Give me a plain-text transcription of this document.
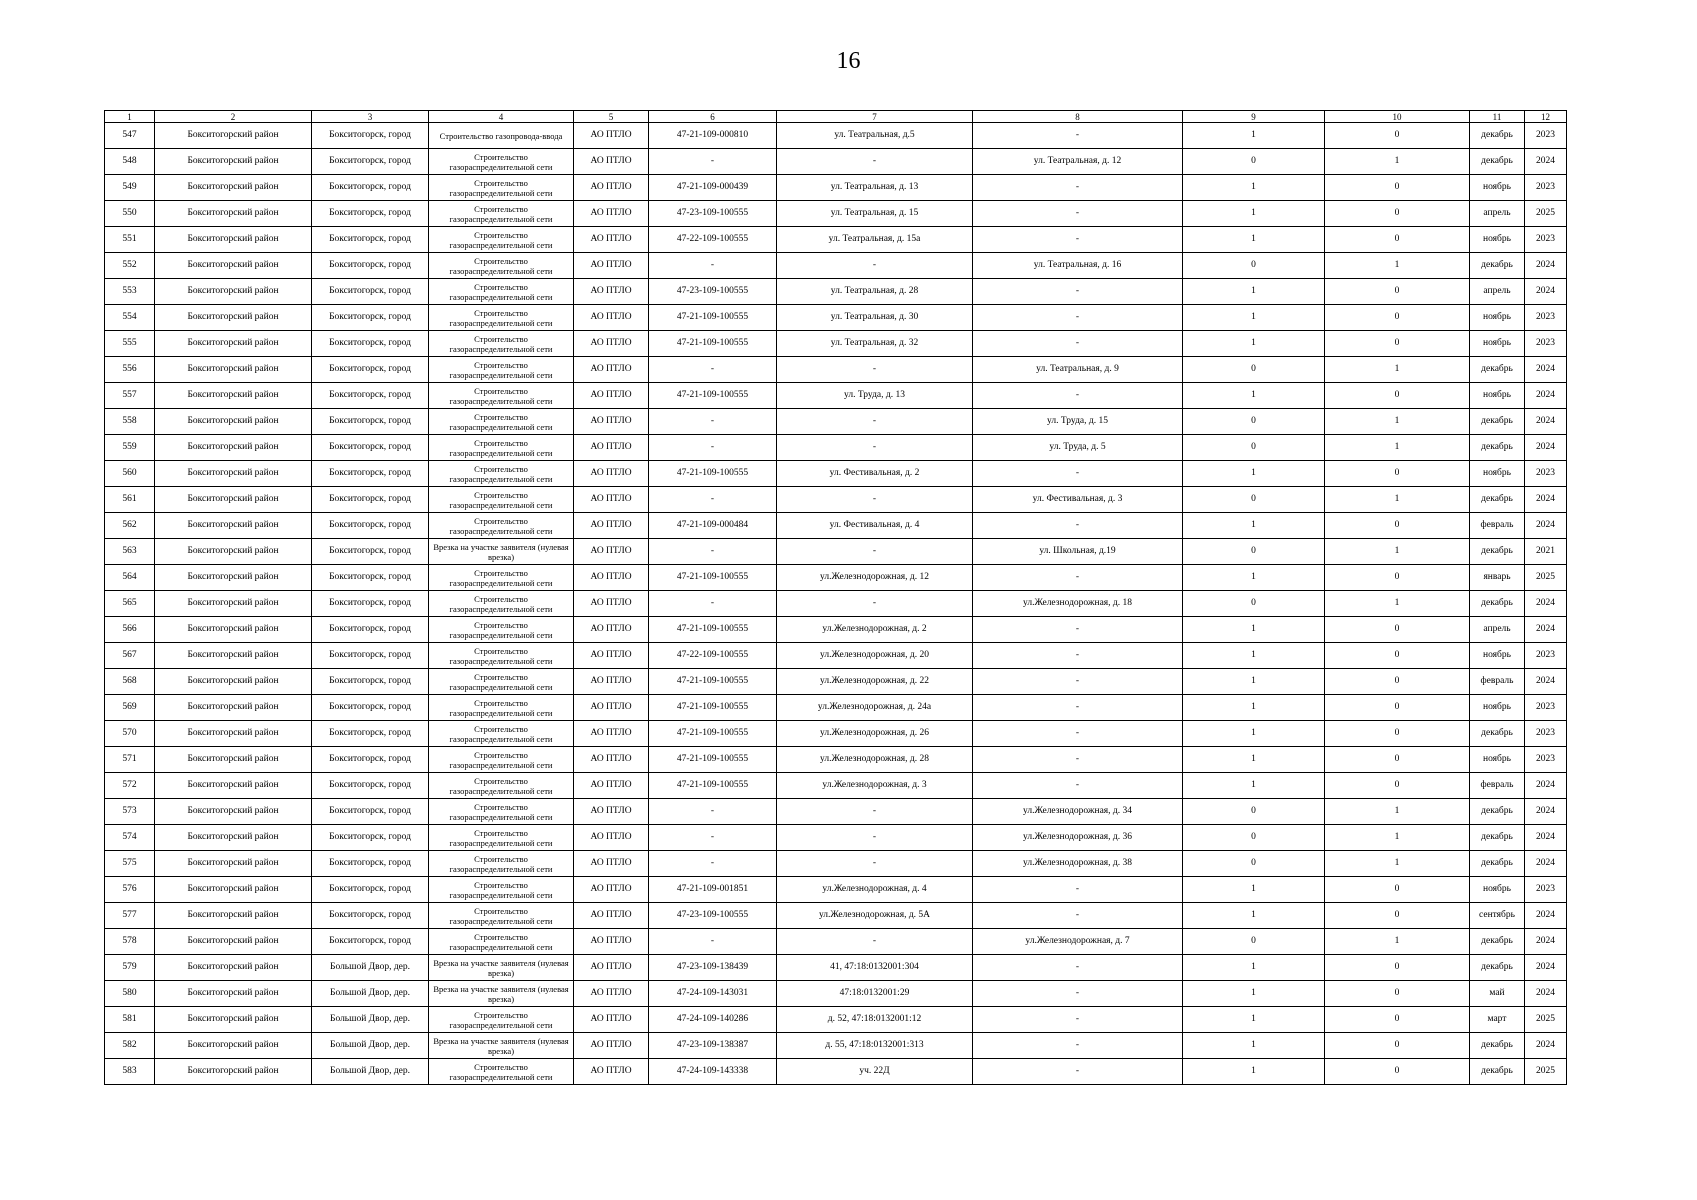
16
1	2	3	4	5	6	7	8	9	10	11	12
547	Бокситогорский район	Бокситогорск, город	Строительство газопровода-ввода	АО ПТЛО	47-21-109-000810	ул. Театральная, д.5	-	1	0	декабрь	2023
548	Бокситогорский район	Бокситогорск, город	Строительство газораспределительной сети	АО ПТЛО	-	-	ул. Театральная, д. 12	0	1	декабрь	2024
549	Бокситогорский район	Бокситогорск, город	Строительство газораспределительной сети	АО ПТЛО	47-21-109-000439	ул. Театральная, д. 13	-	1	0	ноябрь	2023
550	Бокситогорский район	Бокситогорск, город	Строительство газораспределительной сети	АО ПТЛО	47-23-109-100555	ул. Театральная, д. 15	-	1	0	апрель	2025
551	Бокситогорский район	Бокситогорск, город	Строительство газораспределительной сети	АО ПТЛО	47-22-109-100555	ул. Театральная, д. 15а	-	1	0	ноябрь	2023
552	Бокситогорский район	Бокситогорск, город	Строительство газораспределительной сети	АО ПТЛО	-	-	ул. Театральная, д. 16	0	1	декабрь	2024
553	Бокситогорский район	Бокситогорск, город	Строительство газораспределительной сети	АО ПТЛО	47-23-109-100555	ул. Театральная, д. 28	-	1	0	апрель	2024
554	Бокситогорский район	Бокситогорск, город	Строительство газораспределительной сети	АО ПТЛО	47-21-109-100555	ул. Театральная, д. 30	-	1	0	ноябрь	2023
555	Бокситогорский район	Бокситогорск, город	Строительство газораспределительной сети	АО ПТЛО	47-21-109-100555	ул. Театральная, д. 32	-	1	0	ноябрь	2023
556	Бокситогорский район	Бокситогорск, город	Строительство газораспределительной сети	АО ПТЛО	-	-	ул. Театральная, д. 9	0	1	декабрь	2024
557	Бокситогорский район	Бокситогорск, город	Строительство газораспределительной сети	АО ПТЛО	47-21-109-100555	ул. Труда, д. 13	-	1	0	ноябрь	2024
558	Бокситогорский район	Бокситогорск, город	Строительство газораспределительной сети	АО ПТЛО	-	-	ул. Труда, д. 15	0	1	декабрь	2024
559	Бокситогорский район	Бокситогорск, город	Строительство газораспределительной сети	АО ПТЛО	-	-	ул. Труда, д. 5	0	1	декабрь	2024
560	Бокситогорский район	Бокситогорск, город	Строительство газораспределительной сети	АО ПТЛО	47-21-109-100555	ул. Фестивальная, д. 2	-	1	0	ноябрь	2023
561	Бокситогорский район	Бокситогорск, город	Строительство газораспределительной сети	АО ПТЛО	-	-	ул. Фестивальная, д. 3	0	1	декабрь	2024
562	Бокситогорский район	Бокситогорск, город	Строительство газораспределительной сети	АО ПТЛО	47-21-109-000484	ул. Фестивальная, д. 4	-	1	0	февраль	2024
563	Бокситогорский район	Бокситогорск, город	Врезка на участке заявителя (нулевая врезка)	АО ПТЛО	-	-	ул. Школьная, д.19	0	1	декабрь	2021
564	Бокситогорский район	Бокситогорск, город	Строительство газораспределительной сети	АО ПТЛО	47-21-109-100555	ул.Железнодорожная, д. 12	-	1	0	январь	2025
565	Бокситогорский район	Бокситогорск, город	Строительство газораспределительной сети	АО ПТЛО	-	-	ул.Железнодорожная, д. 18	0	1	декабрь	2024
566	Бокситогорский район	Бокситогорск, город	Строительство газораспределительной сети	АО ПТЛО	47-21-109-100555	ул.Железнодорожная, д. 2	-	1	0	апрель	2024
567	Бокситогорский район	Бокситогорск, город	Строительство газораспределительной сети	АО ПТЛО	47-22-109-100555	ул.Железнодорожная, д. 20	-	1	0	ноябрь	2023
568	Бокситогорский район	Бокситогорск, город	Строительство газораспределительной сети	АО ПТЛО	47-21-109-100555	ул.Железнодорожная, д. 22	-	1	0	февраль	2024
569	Бокситогорский район	Бокситогорск, город	Строительство газораспределительной сети	АО ПТЛО	47-21-109-100555	ул.Железнодорожная, д. 24а	-	1	0	ноябрь	2023
570	Бокситогорский район	Бокситогорск, город	Строительство газораспределительной сети	АО ПТЛО	47-21-109-100555	ул.Железнодорожная, д. 26	-	1	0	декабрь	2023
571	Бокситогорский район	Бокситогорск, город	Строительство газораспределительной сети	АО ПТЛО	47-21-109-100555	ул.Железнодорожная, д. 28	-	1	0	ноябрь	2023
572	Бокситогорский район	Бокситогорск, город	Строительство газораспределительной сети	АО ПТЛО	47-21-109-100555	ул.Железнодорожная, д. 3	-	1	0	февраль	2024
573	Бокситогорский район	Бокситогорск, город	Строительство газораспределительной сети	АО ПТЛО	-	-	ул.Железнодорожная, д. 34	0	1	декабрь	2024
574	Бокситогорский район	Бокситогорск, город	Строительство газораспределительной сети	АО ПТЛО	-	-	ул.Железнодорожная, д. 36	0	1	декабрь	2024
575	Бокситогорский район	Бокситогорск, город	Строительство газораспределительной сети	АО ПТЛО	-	-	ул.Железнодорожная, д. 38	0	1	декабрь	2024
576	Бокситогорский район	Бокситогорск, город	Строительство газораспределительной сети	АО ПТЛО	47-21-109-001851	ул.Железнодорожная, д. 4	-	1	0	ноябрь	2023
577	Бокситогорский район	Бокситогорск, город	Строительство газораспределительной сети	АО ПТЛО	47-23-109-100555	ул.Железнодорожная, д. 5А	-	1	0	сентябрь	2024
578	Бокситогорский район	Бокситогорск, город	Строительство газораспределительной сети	АО ПТЛО	-	-	ул.Железнодорожная, д. 7	0	1	декабрь	2024
579	Бокситогорский район	Большой Двор, дер.	Врезка на участке заявителя (нулевая врезка)	АО ПТЛО	47-23-109-138439	41, 47:18:0132001:304	-	1	0	декабрь	2024
580	Бокситогорский район	Большой Двор, дер.	Врезка на участке заявителя (нулевая врезка)	АО ПТЛО	47-24-109-143031	47:18:0132001:29	-	1	0	май	2024
581	Бокситогорский район	Большой Двор, дер.	Строительство газораспределительной сети	АО ПТЛО	47-24-109-140286	д. 52, 47:18:0132001:12	-	1	0	март	2025
582	Бокситогорский район	Большой Двор, дер.	Врезка на участке заявителя (нулевая врезка)	АО ПТЛО	47-23-109-138387	д. 55, 47:18:0132001:313	-	1	0	декабрь	2024
583	Бокситогорский район	Большой Двор, дер.	Строительство газораспределительной сети	АО ПТЛО	47-24-109-143338	уч. 22Д	-	1	0	декабрь	2025
